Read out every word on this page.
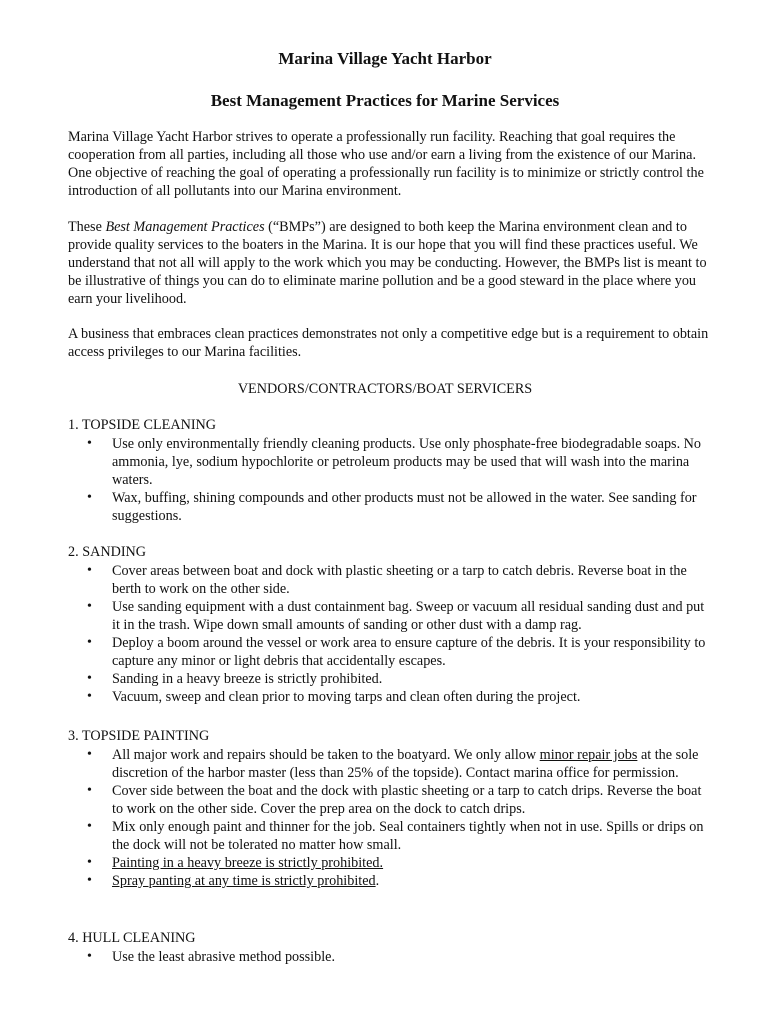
Marina Village Yacht Harbor
Best Management Practices for Marine Services

Marina Village Yacht Harbor strives to operate a professionally run facility. Reaching that goal requires the cooperation from all parties, including all those who use and/or earn a living from the existence of our Marina. One objective of reaching the goal of operating a professionally run facility is to minimize or strictly control the introduction of all pollutants into our Marina environment.

These Best Management Practices (“BMPs”) are designed to both keep the Marina environment clean and to provide quality services to the boaters in the Marina. It is our hope that you will find these practices useful. We understand that not all will apply to the work which you may be conducting. However, the BMPs list is meant to be illustrative of things you can do to eliminate marine pollution and be a good steward in the place where you earn your livelihood.

A business that embraces clean practices demonstrates not only a competitive edge but is a requirement to obtain access privileges to our Marina facilities.

VENDORS/CONTRACTORS/BOAT SERVICERS
1. TOPSIDE CLEANING
• Use only environmentally friendly cleaning products. Use only phosphate-free biodegradable soaps. No ammonia, lye, sodium hypochlorite or petroleum products may be used that will wash into the marina waters.
• Wax, buffing, shining compounds and other products must not be allowed in the water. See sanding for suggestions.
2. SANDING
• Cover areas between boat and dock with plastic sheeting or a tarp to catch debris. Reverse boat in the berth to work on the other side.
• Use sanding equipment with a dust containment bag. Sweep or vacuum all residual sanding dust and put it in the trash. Wipe down small amounts of sanding or other dust with a damp rag.
• Deploy a boom around the vessel or work area to ensure capture of the debris. It is your responsibility to capture any minor or light debris that accidentally escapes.
• Sanding in a heavy breeze is strictly prohibited.
• Vacuum, sweep and clean prior to moving tarps and clean often during the project.
3. TOPSIDE PAINTING
• All major work and repairs should be taken to the boatyard. We only allow minor repair jobs at the sole discretion of the harbor master (less than 25% of the topside). Contact marina office for permission.
• Cover side between the boat and the dock with plastic sheeting or a tarp to catch drips. Reverse the boat to work on the other side. Cover the prep area on the dock to catch drips.
• Mix only enough paint and thinner for the job. Seal containers tightly when not in use. Spills or drips on the dock will not be tolerated no matter how small.
• Painting in a heavy breeze is strictly prohibited.
• Spray panting at any time is strictly prohibited.
4. HULL CLEANING
• Use the least abrasive method possible.
